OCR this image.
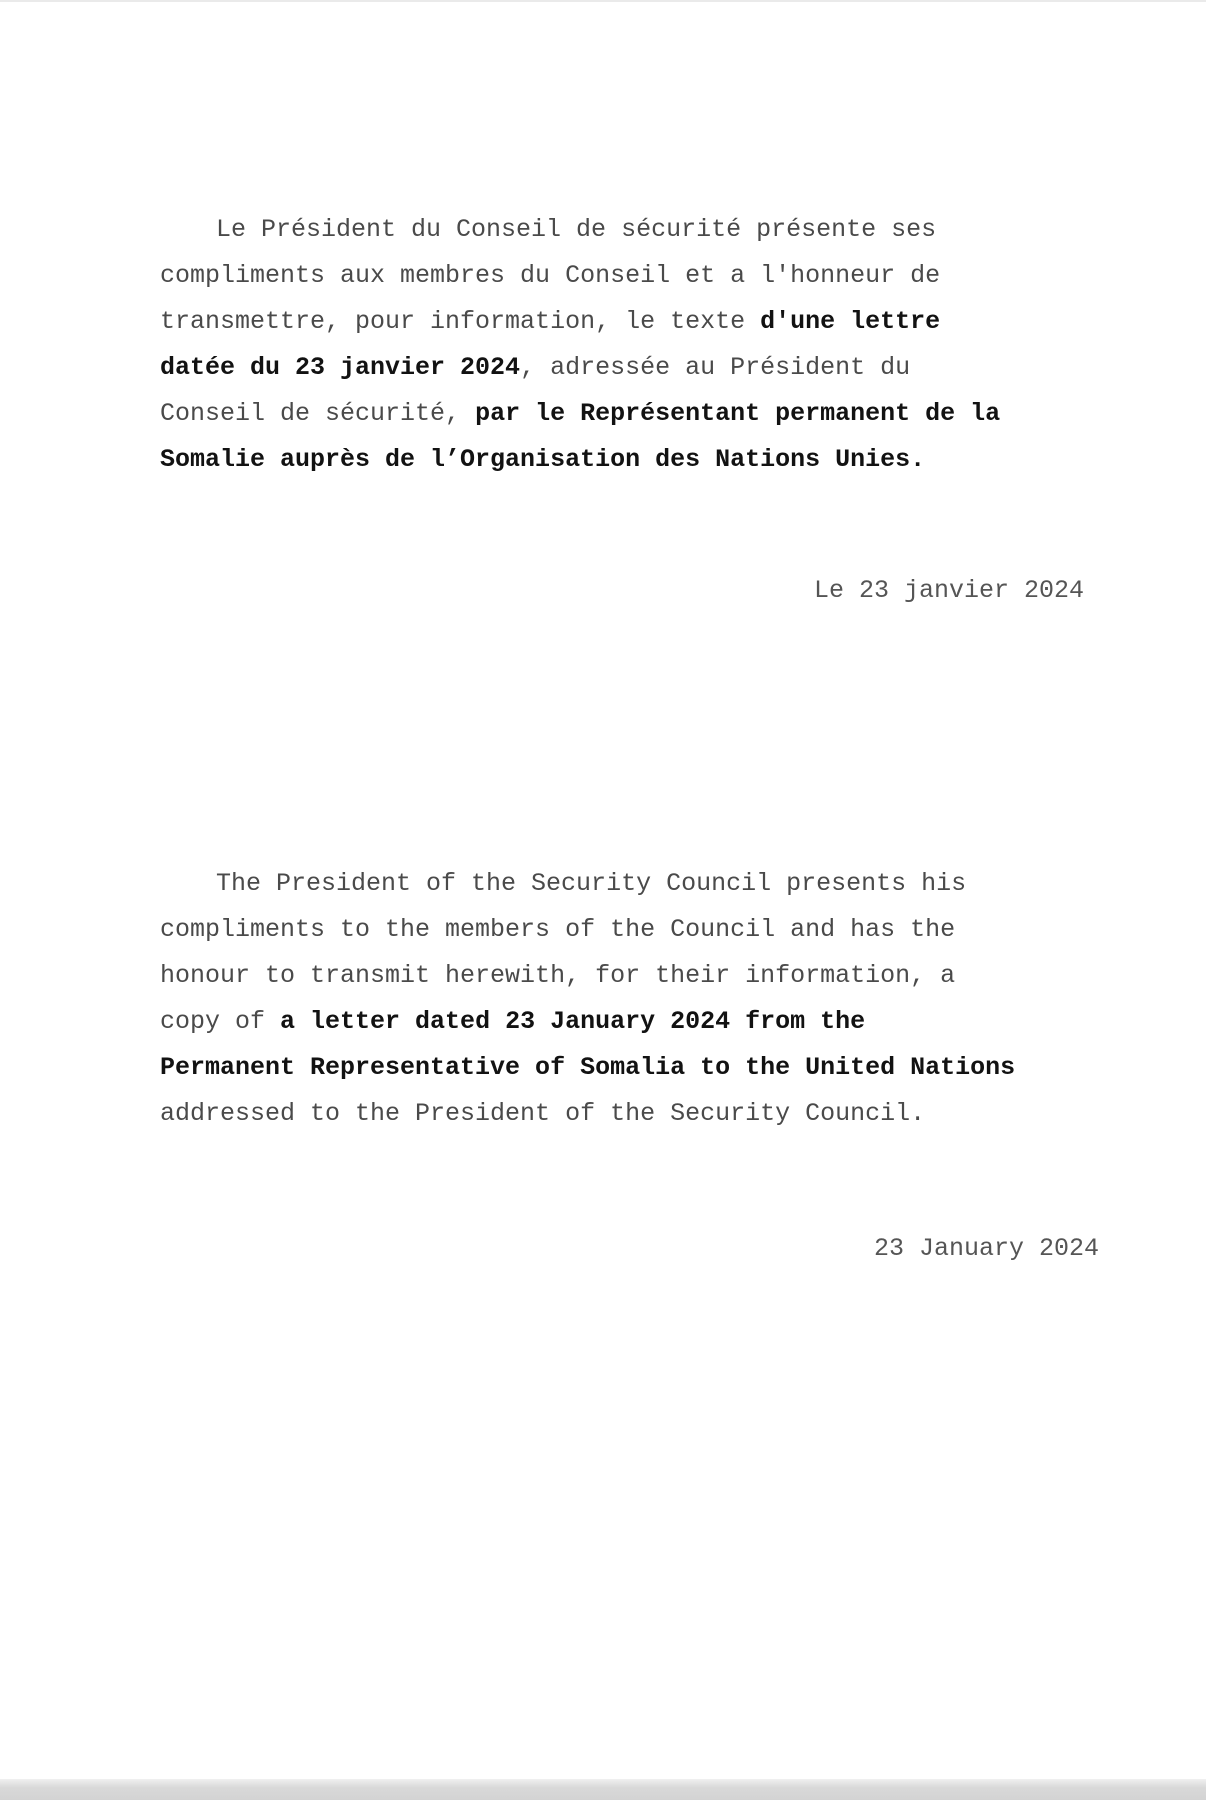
Le Président du Conseil de sécurité présente ses
compliments aux membres du Conseil et a l'honneur de
transmettre, pour information, le texte d'une lettre
datée du 23 janvier 2024, adressée au Président du
Conseil de sécurité, par le Représentant permanent de la
Somalie auprès de l’Organisation des Nations Unies.
Le 23 janvier 2024
The President of the Security Council presents his
compliments to the members of the Council and has the
honour to transmit herewith, for their information, a
copy of a letter dated 23 January 2024 from the
Permanent Representative of Somalia to the United Nations
addressed to the President of the Security Council.
23 January 2024
